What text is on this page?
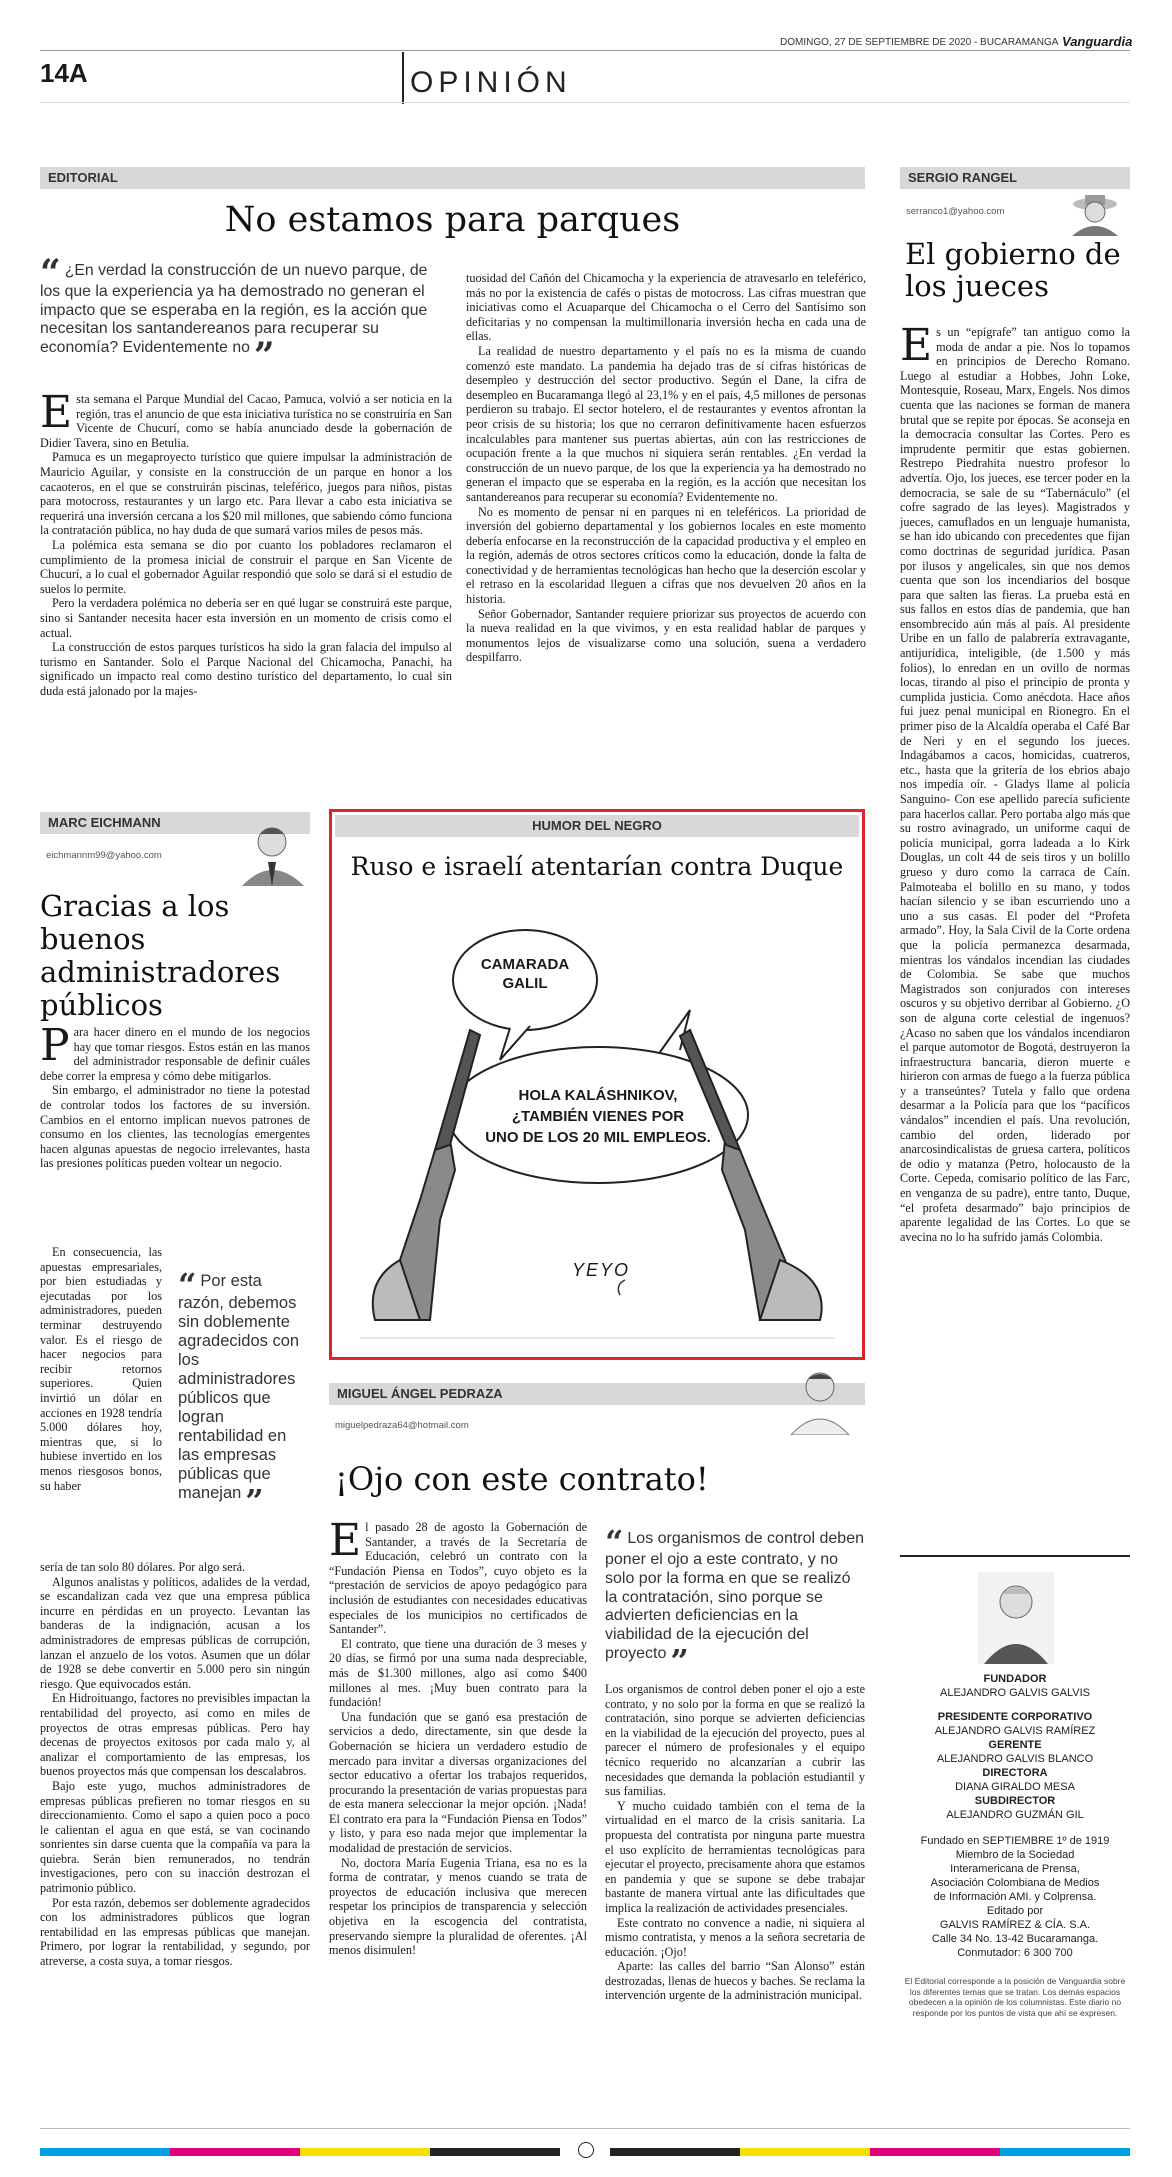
14A	OPINIÓN
DOMINGO, 27 DE SEPTIEMBRE DE 2020 - BUCARAMANGA Vanguardia
EDITORIAL
No estamos para parques
“ ¿En verdad la construcción de un nuevo parque, de los que la experiencia ya ha demostrado no generan el impacto que se esperaba en la región, es la acción que necesitan los santandereanos para recuperar su economía? Evidentemente no ”

Esta semana el Parque Mundial del Cacao, Pamuca, volvió a ser noticia en la región, tras el anuncio de que esta iniciativa turística no se construiría en San Vicente de Chucurí, como se había anunciado desde la gobernación de Didier Tavera, sino en Betulia.

Pamuca es un megaproyecto turístico que quiere impulsar la administración de Mauricio Aguilar, y consiste en la construcción de un parque en honor a los cacaoteros, en el que se construirán piscinas, teleférico, juegos para niños, pistas para motocross, restaurantes y un largo etc. Para llevar a cabo esta iniciativa se requerirá una inversión cercana a los $20 mil millones, que sabiendo cómo funciona la contratación pública, no hay duda de que sumará varios miles de pesos más.

La polémica esta semana se dio por cuanto los pobladores reclamaron el cumplimiento de la promesa inicial de construir el parque en San Vicente de Chucurí, a lo cual el gobernador Aguilar respondió que solo se dará si el estudio de suelos lo permite.

Pero la verdadera polémica no debería ser en qué lugar se construirá este parque, sino si Santander necesita hacer esta inversión en un momento de crisis como el actual.

La construcción de estos parques turísticos ha sido la gran falacia del impulso al turismo en Santander. Solo el Parque Nacional del Chicamocha, Panachi, ha significado un impacto real como destino turístico del departamento, lo cual sin duda está jalonado por la majes-

tuosidad del Cañón del Chicamocha y la experiencia de atravesarlo en teleférico, más no por la existencia de cafés o pistas de motocross. Las cifras muestran que iniciativas como el Acuaparque del Chicamocha o el Cerro del Santísimo son deficitarias y no compensan la multimillonaria inversión hecha en cada una de ellas.

La realidad de nuestro departamento y el país no es la misma de cuando comenzó este mandato. La pandemia ha dejado tras de sí cifras históricas de desempleo y destrucción del sector productivo. Según el Dane, la cifra de desempleo en Bucaramanga llegó al 23,1% y en el país, 4,5 millones de personas perdieron su trabajo. El sector hotelero, el de restaurantes y eventos afrontan la peor crisis de su historia; los que no cerraron definitivamente hacen esfuerzos incalculables para mantener sus puertas abiertas, aún con las restricciones de ocupación frente a la que muchos ni siquiera serán rentables. ¿En verdad la construcción de un nuevo parque, de los que la experiencia ya ha demostrado no generan el impacto que se esperaba en la región, es la acción que necesitan los santandereanos para recuperar su economía? Evidentemente no.

No es momento de pensar ni en parques ni en teleféricos. La prioridad de inversión del gobierno departamental y los gobiernos locales en este momento debería enfocarse en la reconstrucción de la capacidad productiva y el empleo en la región, además de otros sectores críticos como la educación, donde la falta de conectividad y de herramientas tecnológicas han hecho que la deserción escolar y el retraso en la escolaridad lleguen a cifras que nos devuelven 20 años en la historia.

Señor Gobernador, Santander requiere priorizar sus proyectos de acuerdo con la nueva realidad en la que vivimos, y en esta realidad hablar de parques y monumentos lejos de visualizarse como una solución, suena a verdadero despilfarro.

SERGIO RANGEL
serranco1@yahoo.com
El gobierno de los jueces

Es un “epígrafe” tan antiguo como la moda de andar a pie. Nos lo topamos en principios de Derecho Romano. Luego al estudiar a Hobbes, John Loke, Montesquie, Roseau, Marx, Engels. Nos dimos cuenta que las naciones se forman de manera brutal que se repite por épocas. Se aconseja en la democracia consultar las Cortes. Pero es imprudente permitir que estas gobiernen. Restrepo Piedrahita nuestro profesor lo advertía. Ojo, los jueces, ese tercer poder en la democracia, se sale de su “Tabernáculo” (el cofre sagrado de las leyes). Magistrados y jueces, camuflados en un lenguaje humanista, se han ido ubicando con precedentes que fijan como doctrinas de seguridad jurídica. Pasan por ilusos y angelicales, sin que nos demos cuenta que son los incendiarios del bosque para que salten las fieras. La prueba está en sus fallos en estos días de pandemia, que han ensombrecido aún más al país. Al presidente Uribe en un fallo de palabrería extravagante, antijurídica, inteligible, (de 1.500 y más folios), lo enredan en un ovillo de normas locas, tirando al piso el principio de pronta y cumplida justicia. Como anécdota. Hace años fui juez penal municipal en Rionegro. En el primer piso de la Alcaldía operaba el Café Bar de Neri y en el segundo los jueces. Indagábamos a cacos, homicidas, cuatreros, etc., hasta que la gritería de los ebrios abajo nos impedía oír. - Gladys llame al policía Sanguino- Con ese apellido parecía suficiente para hacerlos callar. Pero portaba algo más que su rostro avinagrado, un uniforme caqui de policía municipal, gorra ladeada a lo Kirk Douglas, un colt 44 de seis tiros y un bolillo grueso y duro como la carraca de Caín. Palmoteaba el bolillo en su mano, y todos hacían silencio y se iban escurriendo uno a uno a sus casas. El poder del “Profeta armado”. Hoy, la Sala Civil de la Corte ordena que la policía permanezca desarmada, mientras los vándalos incendian las ciudades de Colombia. Se sabe que muchos Magistrados son conjurados con intereses oscuros y su objetivo derribar al Gobierno. ¿O son de alguna corte celestial de ingenuos? ¿Acaso no saben que los vándalos incendiaron el parque automotor de Bogotá, destruyeron la infraestructura bancaria, dieron muerte e hirieron con armas de fuego a la fuerza pública y a transeúntes? Tutela y fallo que ordena desarmar a la Policía para que los “pacíficos vándalos” incendien el país. Una revolución, cambio del orden, liderado por anarcosindicalistas de gruesa cartera, políticos de odio y matanza (Petro, holocausto de la Corte. Cepeda, comisario político de las Farc, en venganza de su padre), entre tanto, Duque, “el profeta desarmado” bajo principios de aparente legalidad de las Cortes. Lo que se avecina no lo ha sufrido jamás Colombia.

MARC EICHMANN
eichmannm99@yahoo.com
Gracias a los buenos administradores públicos

Para hacer dinero en el mundo de los negocios hay que tomar riesgos. Estos están en las manos del administrador responsable de definir cuáles debe correr la empresa y cómo debe mitigarlos.

Sin embargo, el administrador no tiene la potestad de controlar todos los factores de su inversión. Cambios en el entorno implican nuevos patrones de consumo en los clientes, las tecnologías emergentes hacen algunas apuestas de negocio irrelevantes, hasta las presiones políticas pueden voltear un negocio.

En consecuencia, las apuestas empresariales, por bien estudiadas y ejecutadas por los administradores, pueden terminar destruyendo valor. Es el riesgo de hacer negocios para recibir retornos superiores. Quien invirtió un dólar en acciones en 1928 tendría 5.000 dólares hoy, mientras que, si lo hubiese invertido en los menos riesgosos bonos, su haber

“ Por esta razón, debemos sin doblemente agradecidos con los administradores públicos que logran rentabilidad en las empresas públicas que manejan ”

sería de tan solo 80 dólares. Por algo será.

Algunos analistas y políticos, adalides de la verdad, se escandalizan cada vez que una empresa pública incurre en pérdidas en un proyecto. Levantan las banderas de la indignación, acusan a los administradores de empresas públicas de corrupción, lanzan el anzuelo de los votos. Asumen que un dólar de 1928 se debe convertir en 5.000 pero sin ningún riesgo. Que equivocados están.

En Hidroituango, factores no previsibles impactan la rentabilidad del proyecto, así como en miles de proyectos de otras empresas públicas. Pero hay decenas de proyectos exitosos por cada malo y, al analizar el comportamiento de las empresas, los buenos proyectos más que compensan los descalabros.

Bajo este yugo, muchos administradores de empresas públicas prefieren no tomar riesgos en su direccionamiento. Como el sapo a quien poco a poco le calientan el agua en que está, se van cocinando sonrientes sin darse cuenta que la compañía va para la quiebra. Serán bien remunerados, no tendrán investigaciones, pero con su inacción destrozan el patrimonio público.

Por esta razón, debemos ser doblemente agradecidos con los administradores públicos que logran rentabilidad en las empresas públicas que manejan. Primero, por lograr la rentabilidad, y segundo, por atreverse, a costa suya, a tomar riesgos.

HUMOR DEL NEGRO
Ruso e israelí atentarían contra Duque
CAMARADA
GALIL
HOLA KALÁSHNIKOV,
¿TAMBIÉN VIENES POR
UNO DE LOS 20 MIL EMPLEOS.
YEYO
MIGUEL ÁNGEL PEDRAZA
miguelpedraza64@hotmail.com
¡Ojo con este contrato!

El pasado 28 de agosto la Gobernación de Santander, a través de la Secretaría de Educación, celebró un contrato con la “Fundación Piensa en Todos”, cuyo objeto es la “prestación de servicios de apoyo pedagógico para inclusión de estudiantes con necesidades educativas especiales de los municipios no certificados de Santander”.

El contrato, que tiene una duración de 3 meses y 20 días, se firmó por una suma nada despreciable, más de $1.300 millones, algo así como $400 millones al mes. ¡Muy buen contrato para la fundación!

Una fundación que se ganó esa prestación de servicios a dedo, directamente, sin que desde la Gobernación se hiciera un verdadero estudio de mercado para invitar a diversas organizaciones del sector educativo a ofertar los trabajos requeridos, procurando la presentación de varias propuestas para de esta manera seleccionar la mejor opción. ¡Nada! El contrato era para la “Fundación Piensa en Todos” y listo, y para eso nada mejor que implementar la modalidad de prestación de servicios.

No, doctora María Eugenia Triana, esa no es la forma de contratar, y menos cuando se trata de proyectos de educación inclusiva que merecen respetar los principios de transparencia y selección objetiva en la escogencia del contratista, preservando siempre la pluralidad de oferentes. ¡Al menos disimulen!

“ Los organismos de control deben poner el ojo a este contrato, y no solo por la forma en que se realizó la contratación, sino porque se advierten deficiencias en la viabilidad de la ejecución del proyecto ”

Los organismos de control deben poner el ojo a este contrato, y no solo por la forma en que se realizó la contratación, sino porque se advierten deficiencias en la viabilidad de la ejecución del proyecto, pues al parecer el número de profesionales y el equipo técnico requerido no alcanzarían a cubrir las necesidades que demanda la población estudiantil y sus familias.

Y mucho cuidado también con el tema de la virtualidad en el marco de la crisis sanitaria. La propuesta del contratista por ninguna parte muestra el uso explícito de herramientas tecnológicas para ejecutar el proyecto, precisamente ahora que estamos en pandemia y que se supone se debe trabajar bastante de manera virtual ante las dificultades que implica la realización de actividades presenciales.

Este contrato no convence a nadie, ni siquiera al mismo contratista, y menos a la señora secretaria de educación. ¡Ojo!

Aparte: las calles del barrio “San Alonso” están destrozadas, llenas de huecos y baches. Se reclama la intervención urgente de la administración municipal.

FUNDADOR
ALEJANDRO GALVIS GALVIS
PRESIDENTE CORPORATIVO
ALEJANDRO GALVIS RAMÍREZ
GERENTE
ALEJANDRO GALVIS BLANCO
DIRECTORA
DIANA GIRALDO MESA
SUBDIRECTOR
ALEJANDRO GUZMÁN GIL
Fundado en SEPTIEMBRE 1º de 1919
Miembro de la Sociedad
Interamericana de Prensa,
Asociación Colombiana de Medios
de Información AMI. y Colprensa.
Editado por
GALVIS RAMÍREZ & CÍA. S.A.
Calle 34 No. 13-42 Bucaramanga.
Conmutador: 6 300 700
El Editorial corresponde a la posición de Vanguardia sobre los diferentes temas que se tratan. Los demás espacios obedecen a la opinión de los columnistas. Este diario no responde por los puntos de vista que ahí se expresen.
